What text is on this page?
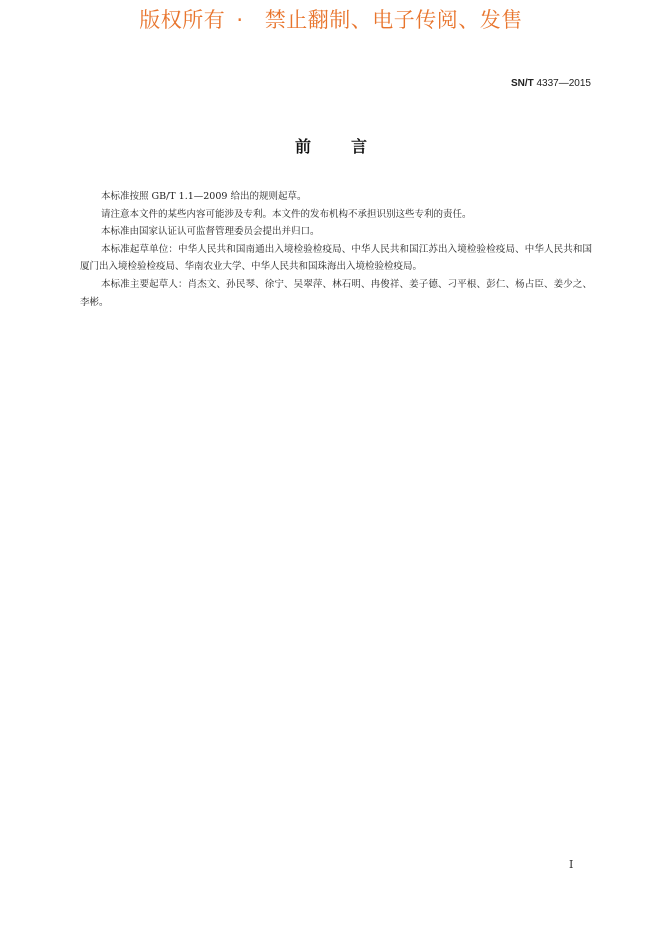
版权所有 · 禁止翻制、电子传阅、发售
SN/T 4337—2015
前言

本标准按照 GB/T 1.1—2009 给出的规则起草。

请注意本文件的某些内容可能涉及专利。本文件的发布机构不承担识别这些专利的责任。

本标准由国家认证认可监督管理委员会提出并归口。

本标准起草单位：中华人民共和国南通出入境检验检疫局、中华人民共和国江苏出入境检验检疫局、中华人民共和国厦门出入境检验检疫局、华南农业大学、中华人民共和国珠海出入境检验检疫局。

本标准主要起草人：肖杰文、孙民琴、徐宁、吴翠萍、林石明、冉俊祥、姜子德、刁平根、彭仁、杨占臣、姜少之、李彬。

I
